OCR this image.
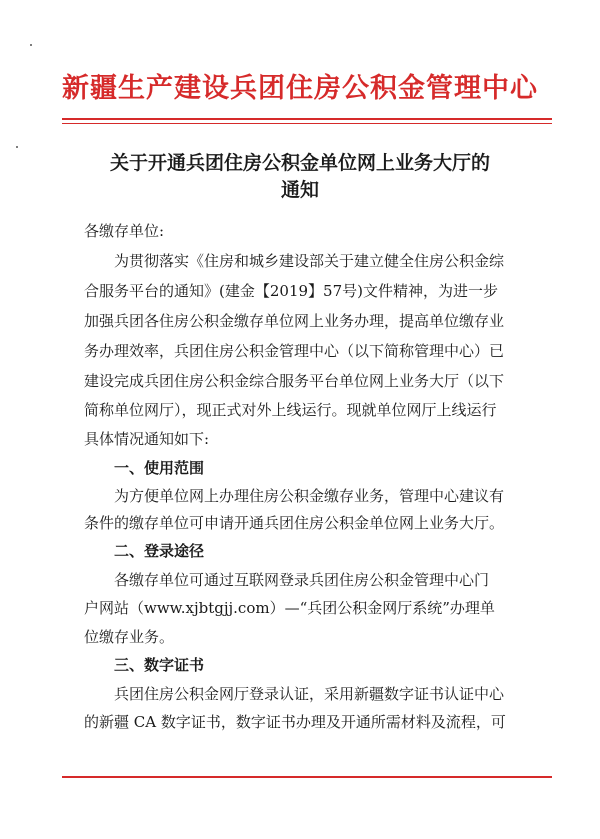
新疆生产建设兵团住房公积金管理中心
关于开通兵团住房公积金单位网上业务大厅的
通知
各缴存单位:
为贯彻落实《住房和城乡建设部关于建立健全住房公积金综
合服务平台的通知》(建金【2019】57号)文件精神，为进一步
加强兵团各住房公积金缴存单位网上业务办理，提高单位缴存业
务办理效率，兵团住房公积金管理中心（以下简称管理中心）已
建设完成兵团住房公积金综合服务平台单位网上业务大厅（以下
简称单位网厅），现正式对外上线运行。现就单位网厅上线运行
具体情况通知如下:
一、使用范围
为方便单位网上办理住房公积金缴存业务，管理中心建议有
条件的缴存单位可申请开通兵团住房公积金单位网上业务大厅。
二、登录途径
各缴存单位可通过互联网登录兵团住房公积金管理中心门
户网站（www.xjbtgjj.com）—“兵团公积金网厅系统”办理单
位缴存业务。
三、数字证书
兵团住房公积金网厅登录认证，采用新疆数字证书认证中心
的新疆 CA 数字证书，数字证书办理及开通所需材料及流程，可
